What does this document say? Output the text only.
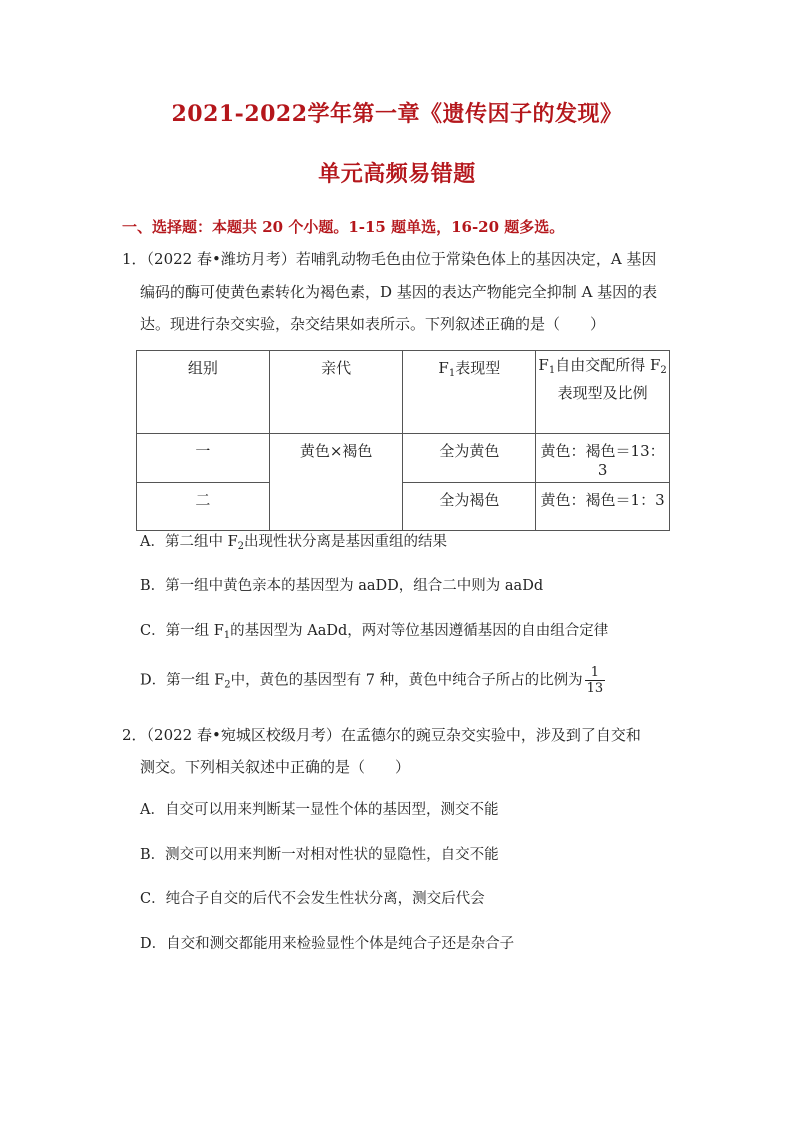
2021-2022学年第一章《遗传因子的发现》
单元高频易错题
一、选择题：本题共 20 个小题。1-15 题单选，16-20 题多选。
1．（2022 春•潍坊月考）若哺乳动物毛色由位于常染色体上的基因决定，A 基因
编码的酶可使黄色素转化为褐色素，D 基因的表达产物能完全抑制 A 基因的表
达。现进行杂交实验，杂交结果如表所示。下列叙述正确的是（　　）
组别	亲代	$F_1$表现型	$F_1$自由交配所得 $F_2$
表现型及比例
一	黄色×褐色	全为黄色	黄色：褐色＝13：3
二		全为褐色	黄色：褐色＝1：3
A．第二组中 $F_2$出现性状分离是基因重组的结果
B．第一组中黄色亲本的基因型为 aaDD，组合二中则为 aaDd
C．第一组 $F_1$的基因型为 AaDd，两对等位基因遵循基因的自由组合定律
D．第一组 $F_2$中，黄色的基因型有 7 种，黄色中纯合子所占的比例为 $\frac{1}{13}$
2．（2022 春•宛城区校级月考）在孟德尔的豌豆杂交实验中，涉及到了自交和
测交。下列相关叙述中正确的是（　　）
A．自交可以用来判断某一显性个体的基因型，测交不能
B．测交可以用来判断一对相对性状的显隐性，自交不能
C．纯合子自交的后代不会发生性状分离，测交后代会
D．自交和测交都能用来检验显性个体是纯合子还是杂合子
